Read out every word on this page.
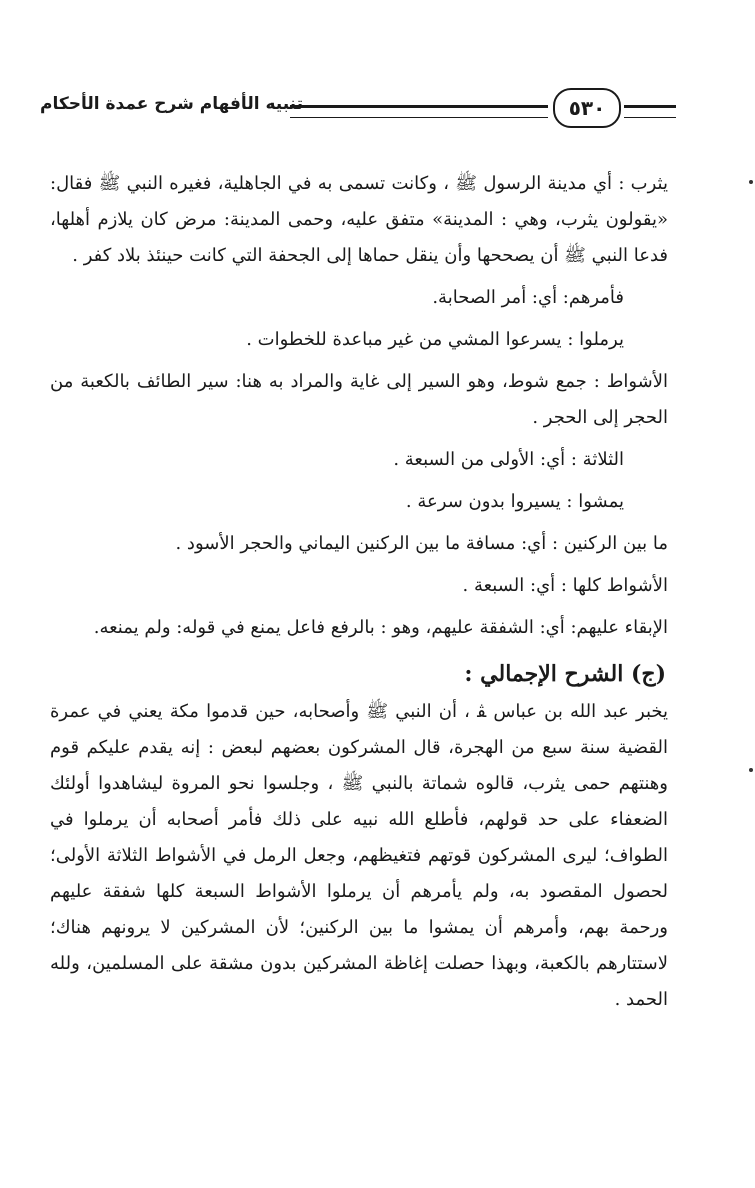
تنبيه الأفهام شرح عمدة الأحكام	٥٣٠

يثرب : أي مدينة الرسول ﷺ ، وكانت تسمى به في الجاهلية، فغيره النبي ﷺ فقال: «يقولون يثرب، وهي : المدينة» متفق عليه، وحمى المدينة: مرض كان يلازم أهلها، فدعا النبي ﷺ أن يصححها وأن ينقل حماها إلى الجحفة التي كانت حينئذ بلاد كفر .

فأمرهم: أي: أمر الصحابة.

يرملوا : يسرعوا المشي من غير مباعدة للخطوات .

الأشواط : جمع شوط، وهو السير إلى غاية والمراد به هنا: سير الطائف بالكعبة من الحجر إلى الحجر .

الثلاثة : أي: الأولى من السبعة .

يمشوا : يسيروا بدون سرعة .

ما بين الركنين : أي: مسافة ما بين الركنين اليماني والحجر الأسود .

الأشواط كلها : أي: السبعة .

الإبقاء عليهم: أي: الشفقة عليهم، وهو : بالرفع فاعل يمنع في قوله: ولم يمنعه.

(ج) الشرح الإجمالي :

يخبر عبد الله بن عباس ﭭ ، أن النبي ﷺ وأصحابه، حين قدموا مكة يعني في عمرة القضية سنة سبع من الهجرة، قال المشركون بعضهم لبعض : إنه يقدم عليكم قوم وهنتهم حمى يثرب، قالوه شماتة بالنبي ﷺ ، وجلسوا نحو المروة ليشاهدوا أولئك الضعفاء على حد قولهم، فأطلع الله نبيه على ذلك فأمر أصحابه أن يرملوا في الطواف؛ ليرى المشركون قوتهم فتغيظهم، وجعل الرمل في الأشواط الثلاثة الأولى؛ لحصول المقصود به، ولم يأمرهم أن يرملوا الأشواط السبعة كلها شفقة عليهم ورحمة بهم، وأمرهم أن يمشوا ما بين الركنين؛ لأن المشركين لا يرونهم هناك؛ لاستتارهم بالكعبة، وبهذا حصلت إغاظة المشركين بدون مشقة على المسلمين، ولله الحمد .
